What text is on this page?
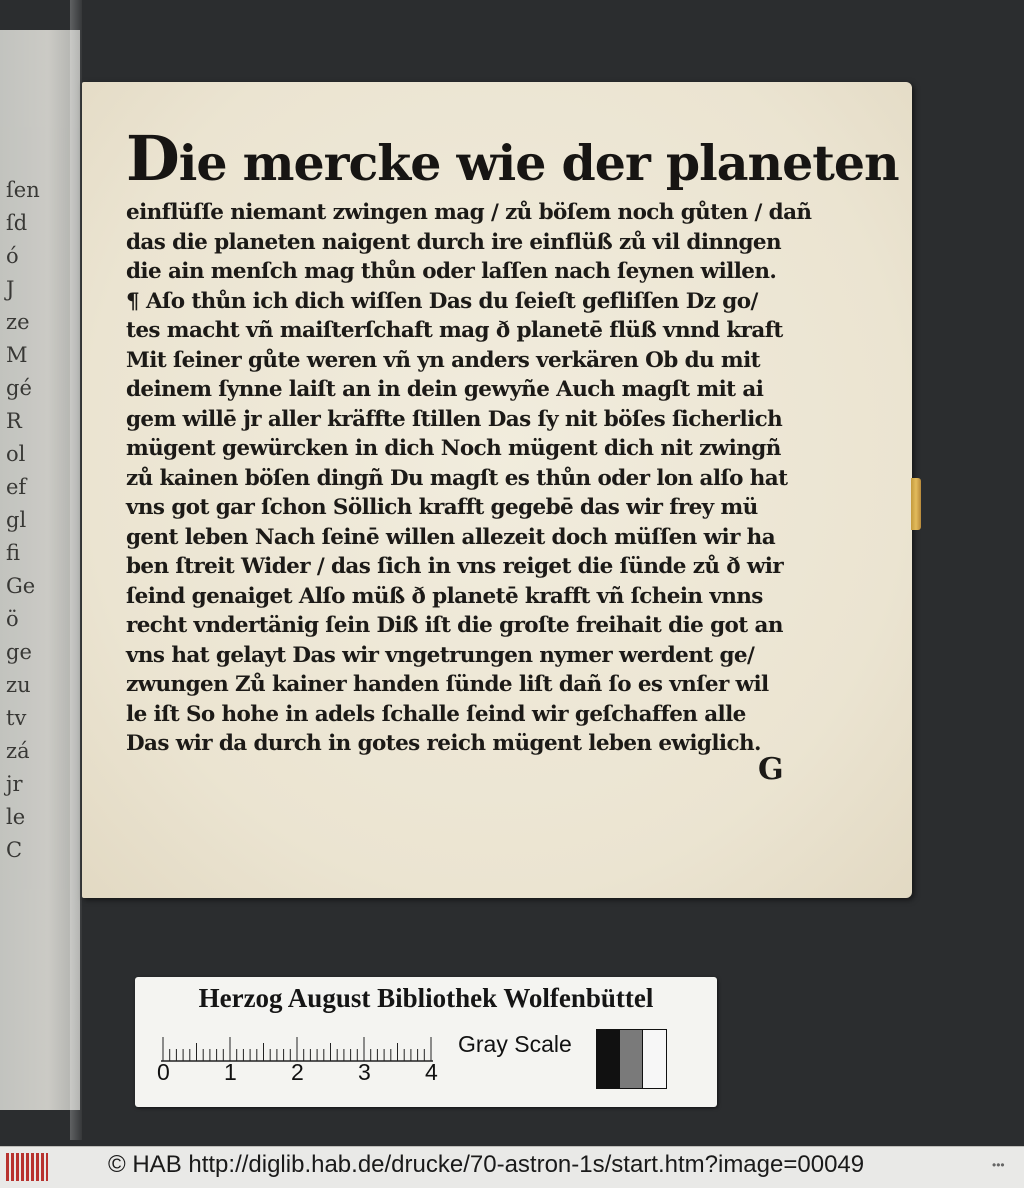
ſen
ſd
ó
J
ze
M
gé
R
ol
ef
gl
fi
Ge
ö
ge
zu
tv
zá
jr
le
C

Die mercke wie der planeten

einflüſſe niemant zwingen mag / zů böſem noch gůten / dañ

das die planeten naigent durch ire einflüß zů vil dinngen

die ain menſch mag thůn oder laſſen nach ſeynen willen.

¶ Aſo thůn ich dich wiſſen Das du ſeieſt gefliſſen Dz go/

tes macht vñ maiſterſchaft mag ð planetē flüß vnnd kraft

Mit ſeiner gůte weren vñ yn anders verkären Ob du mit

deinem ſynne laiſt an in dein gewyñe Auch magſt mit ai

gem willē jr aller kräffte ſtillen Das ſy nit böſes ſicherlich

mügent gewürcken in dich Noch mügent dich nit zwingñ

zů kainen böſen dingñ Du magſt es thůn oder lon alſo hat

vns got gar ſchon Söllich krafft gegebē das wir frey mü

gent leben Nach ſeinē willen allezeit doch müſſen wir ha

ben ſtreit Wider / das ſich in vns reiget die ſünde zů ð wir

ſeind genaiget Alſo müß ð planetē krafft vñ ſchein vnns

recht vndertänig ſein Diß iſt die groſte freihait die got an

vns hat gelayt Das wir vngetrungen nymer werdent ge/

zwungen Zů kainer handen ſünde liſt dañ ſo es vnſer wil

le iſt So hohe in adels ſchalle ſeind wir geſchaffen alle

Das wir da durch in gotes reich mügent leben ewiglich.

G

Herzog August Bibliothek Wolfenbüttel

0 1 2 3 4

Gray Scale

© HAB http://diglib.hab.de/drucke/70-astron-1s/start.htm?image=00049	•••
